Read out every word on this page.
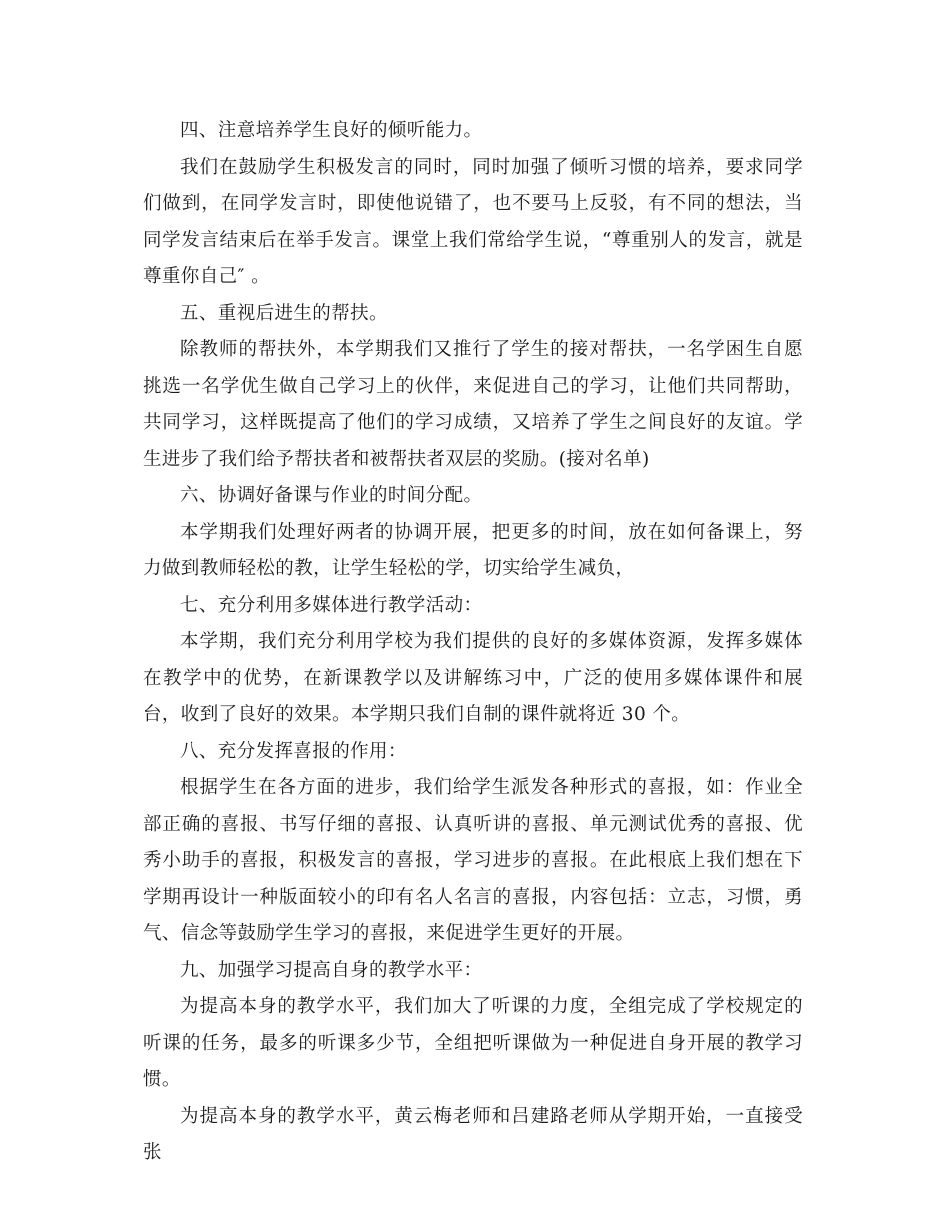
四、注意培养学生良好的倾听能力。

我们在鼓励学生积极发言的同时，同时加强了倾听习惯的培养，要求同学们做到，在同学发言时，即使他说错了，也不要马上反驳，有不同的想法，当同学发言结束后在举手发言。课堂上我们常给学生说，“尊重别人的发言，就是尊重你自己″ 。

五、重视后进生的帮扶。

除教师的帮扶外，本学期我们又推行了学生的接对帮扶，一名学困生自愿挑选一名学优生做自己学习上的伙伴，来促进自己的学习，让他们共同帮助，共同学习，这样既提高了他们的学习成绩，又培养了学生之间良好的友谊。学生进步了我们给予帮扶者和被帮扶者双层的奖励。(接对名单)

六、协调好备课与作业的时间分配。

本学期我们处理好两者的协调开展，把更多的时间，放在如何备课上，努力做到教师轻松的教，让学生轻松的学，切实给学生减负，

七、充分利用多媒体进行教学活动：

本学期，我们充分利用学校为我们提供的良好的多媒体资源，发挥多媒体在教学中的优势，在新课教学以及讲解练习中，广泛的使用多媒体课件和展台，收到了良好的效果。本学期只我们自制的课件就将近 30 个。

八、充分发挥喜报的作用：

根据学生在各方面的进步，我们给学生派发各种形式的喜报，如：作业全部正确的喜报、书写仔细的喜报、认真听讲的喜报、单元测试优秀的喜报、优秀小助手的喜报，积极发言的喜报，学习进步的喜报。在此根底上我们想在下学期再设计一种版面较小的印有名人名言的喜报，内容包括：立志，习惯，勇气、信念等鼓励学生学习的喜报，来促进学生更好的开展。

九、加强学习提高自身的教学水平：

为提高本身的教学水平，我们加大了听课的力度，全组完成了学校规定的听课的任务，最多的听课多少节，全组把听课做为一种促进自身开展的教学习惯。

为提高本身的教学水平，黄云梅老师和吕建路老师从学期开始，一直接受张
